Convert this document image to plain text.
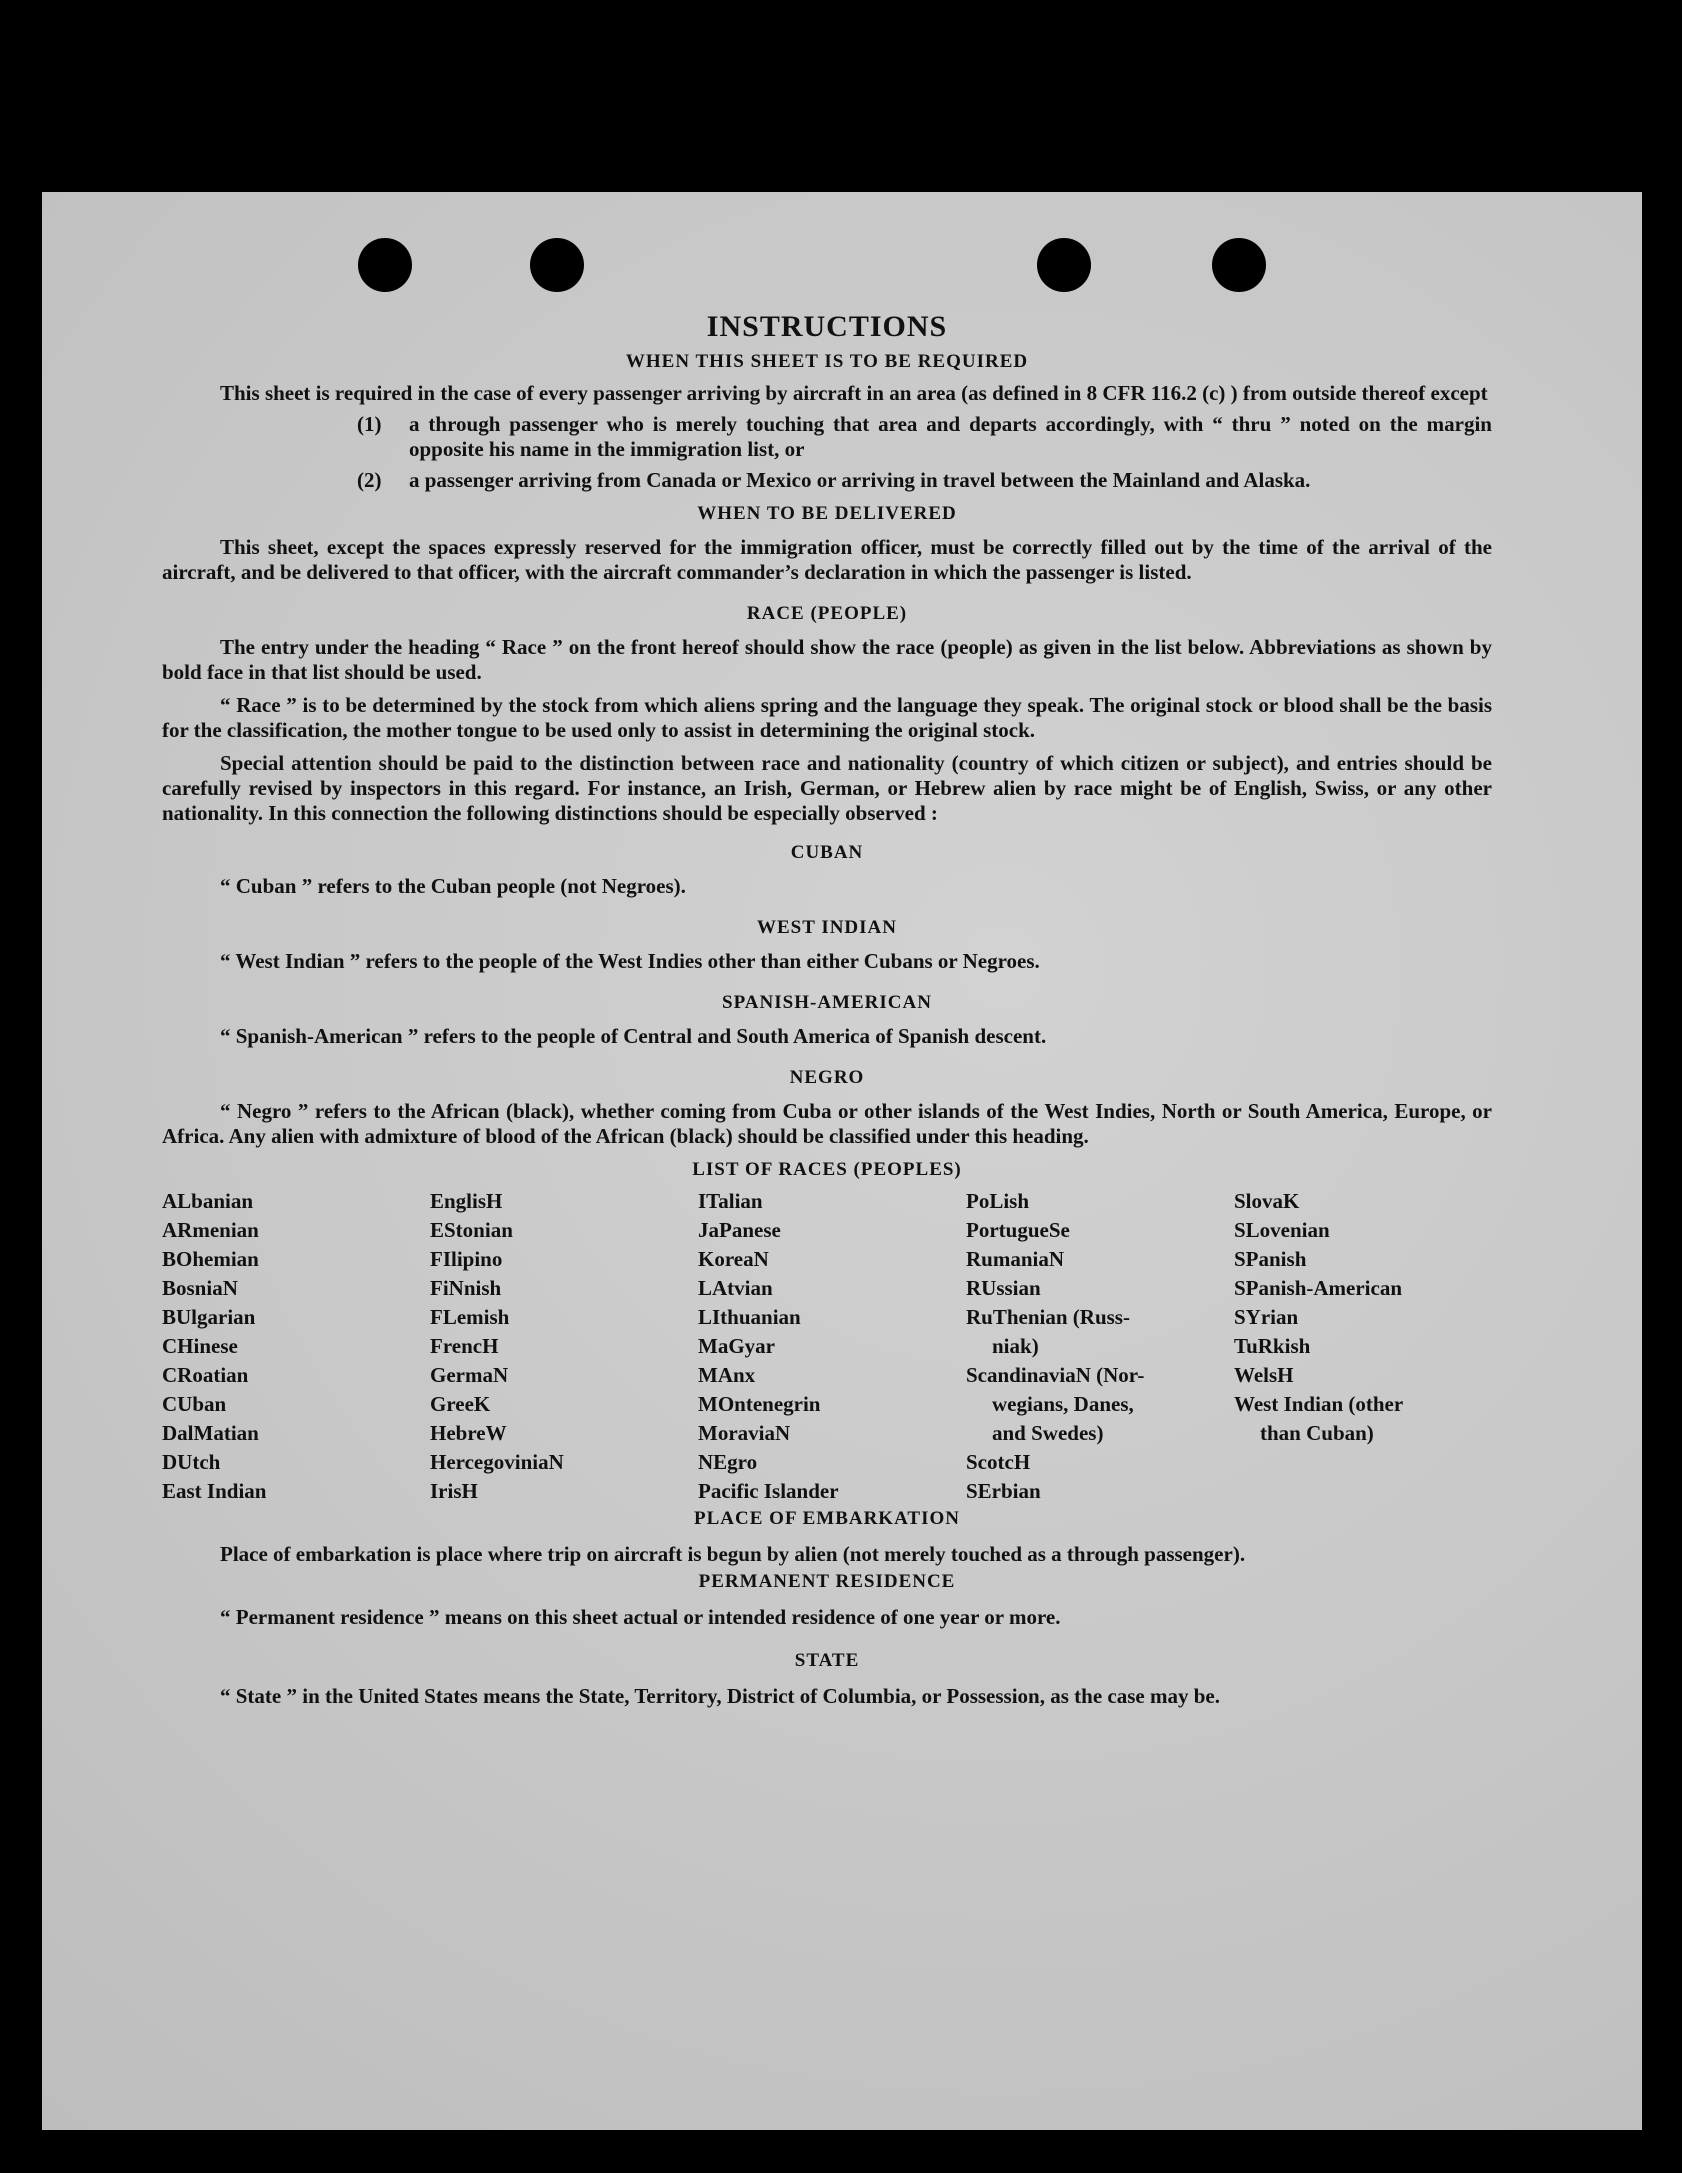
INSTRUCTIONS
WHEN THIS SHEET IS TO BE REQUIRED

This sheet is required in the case of every passenger arriving by aircraft in an area (as defined in 8 CFR 116.2 (c) ) from outside thereof except

(1) a through passenger who is merely touching that area and departs accordingly, with “ thru ” noted on the margin opposite his name in the immigration list, or
(2) a passenger arriving from Canada or Mexico or arriving in travel between the Mainland and Alaska.
WHEN TO BE DELIVERED

This sheet, except the spaces expressly reserved for the immigration officer, must be correctly filled out by the time of the arrival of the aircraft, and be delivered to that officer, with the aircraft commander’s declaration in which the passenger is listed.

RACE (PEOPLE)

The entry under the heading “ Race ” on the front hereof should show the race (people) as given in the list below. Abbreviations as shown by bold face in that list should be used.

“ Race ” is to be determined by the stock from which aliens spring and the language they speak. The original stock or blood shall be the basis for the classification, the mother tongue to be used only to assist in determining the original stock.

Special attention should be paid to the distinction between race and nationality (country of which citizen or subject), and entries should be carefully revised by inspectors in this regard. For instance, an Irish, German, or Hebrew alien by race might be of English, Swiss, or any other nationality. In this connection the following distinctions should be especially observed :

CUBAN

“ Cuban ” refers to the Cuban people (not Negroes).

WEST INDIAN

“ West Indian ” refers to the people of the West Indies other than either Cubans or Negroes.

SPANISH-AMERICAN

“ Spanish-American ” refers to the people of Central and South America of Spanish descent.

NEGRO

“ Negro ” refers to the African (black), whether coming from Cuba or other islands of the West Indies, North or South America, Europe, or Africa. Any alien with admixture of blood of the African (black) should be classified under this heading.

LIST OF RACES (PEOPLES)
ALbanian
ARmenian
BOhemian
BosniaN
BUlgarian
CHinese
CRoatian
CUban
DalMatian
DUtch
East Indian
EnglisH
EStonian
FIlipino
FiNnish
FLemish
FrencH
GermaN
GreeK
HebreW
HercegovinіaN
IrisH
ITalian
JaPanese
KoreaN
LAtvian
LIthuanian
MaGyar
MAnx
MOntenegrin
MoraviaN
NEgro
Pacific Islander
PoLish
PortugueSe
RumaniaN
RUssian
RuThenian (Russ-
niak)
ScandinaviaN (Nor-
wegians, Danes,
and Swedes)
ScotcH
SErbian
SlovaK
SLovenian
SPanish
SPanish-American
SYrian
TuRkish
WelsH
West Indian (other
than Cuban)
PLACE OF EMBARKATION

Place of embarkation is place where trip on aircraft is begun by alien (not merely touched as a through passenger).

PERMANENT RESIDENCE

“ Permanent residence ” means on this sheet actual or intended residence of one year or more.

STATE

“ State ” in the United States means the State, Territory, District of Columbia, or Possession, as the case may be.
